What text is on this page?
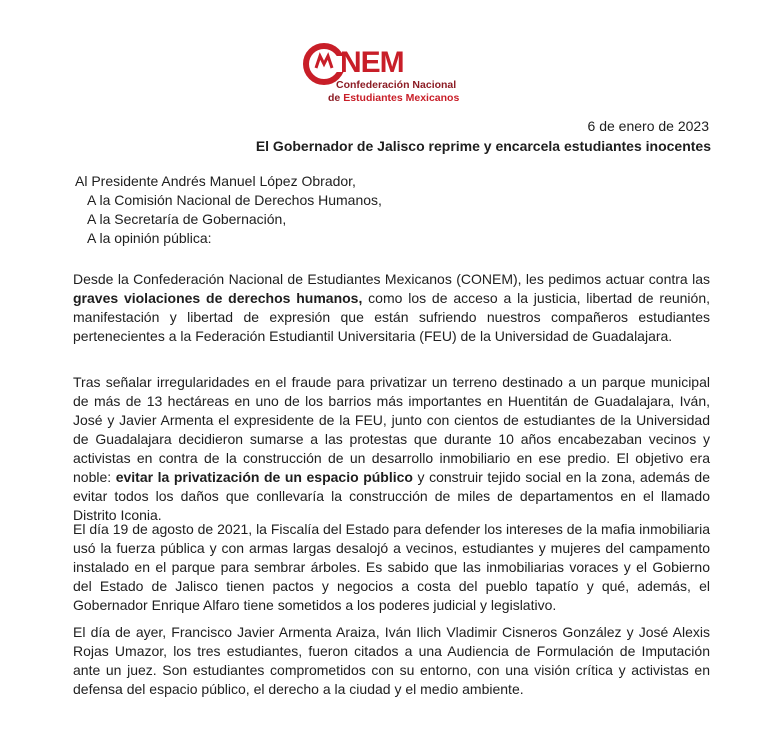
NEM
Confederación Nacional
de Estudiantes Mexicanos
6 de enero de 2023
El Gobernador de Jalisco reprime y encarcela estudiantes inocentes
Al Presidente Andrés Manuel López Obrador,
A la Comisión Nacional de Derechos Humanos,
A la Secretaría de Gobernación,
A la opinión pública:
Desde la Confederación Nacional de Estudiantes Mexicanos (CONEM), les pedimos actuar contra las graves violaciones de derechos humanos, como los de acceso a la justicia, libertad de reunión, manifestación y libertad de expresión que están sufriendo nuestros compañeros estudiantes pertenecientes a la Federación Estudiantil Universitaria (FEU) de la Universidad de Guadalajara.
Tras señalar irregularidades en el fraude para privatizar un terreno destinado a un parque municipal de más de 13 hectáreas en uno de los barrios más importantes en Huentitán de Guadalajara, Iván, José y Javier Armenta el expresidente de la FEU, junto con cientos de estudiantes de la Universidad de Guadalajara decidieron sumarse a las protestas que durante 10 años encabezaban vecinos y activistas en contra de la construcción de un desarrollo inmobiliario en ese predio. El objetivo era noble: evitar la privatización de un espacio público y construir tejido social en la zona, además de evitar todos los daños que conllevaría la construcción de miles de departamentos en el llamado Distrito Iconia.
El día 19 de agosto de 2021, la Fiscalía del Estado para defender los intereses de la mafia inmobiliaria usó la fuerza pública y con armas largas desalojó a vecinos, estudiantes y mujeres del campamento instalado en el parque para sembrar árboles. Es sabido que las inmobiliarias voraces y el Gobierno del Estado de Jalisco tienen pactos y negocios a costa del pueblo tapatío y qué, además, el Gobernador Enrique Alfaro tiene sometidos a los poderes judicial y legislativo.
El día de ayer, Francisco Javier Armenta Araiza, Iván Ilich Vladimir Cisneros González y José Alexis Rojas Umazor, los tres estudiantes, fueron citados a una Audiencia de Formulación de Imputación ante un juez. Son estudiantes comprometidos con su entorno, con una visión crítica y activistas en defensa del espacio público, el derecho a la ciudad y el medio ambiente.
